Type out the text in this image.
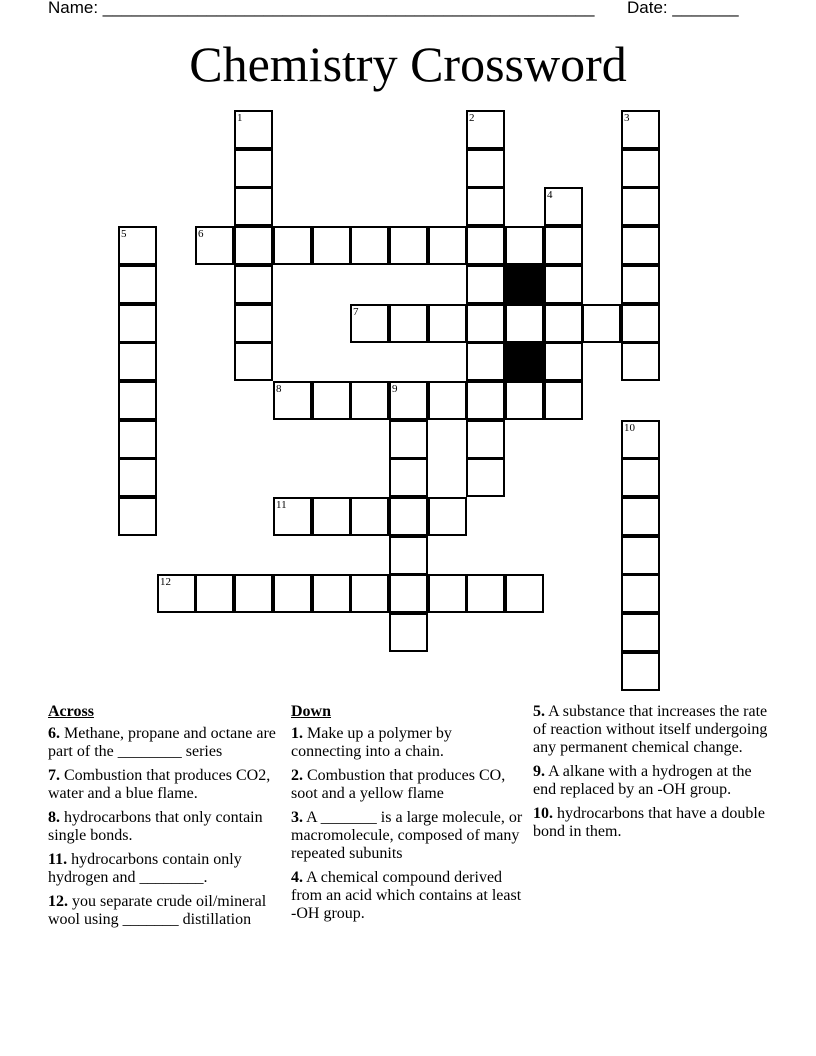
Name: ____________________________________________________ Date: _______
Chemistry Crossword
1	2	3
4
5	6
7
8	9
11
12
10
Across
6. Methane, propane and octane are part of the ________ series
7. Combustion that produces CO2, water and a blue flame.
8. hydrocarbons that only contain single bonds.
11. hydrocarbons contain only hydrogen and ________.
12. you separate crude oil/mineral wool using _______ distillation
Down
1. Make up a polymer by connecting into a chain.
2. Combustion that produces CO, soot and a yellow flame
3. A _______ is a large molecule, or macromolecule, composed of many repeated subunits
4. A chemical compound derived from an acid which contains at least -OH group.
5. A substance that increases the rate of reaction without itself undergoing any permanent chemical change.
9. A alkane with a hydrogen at the end replaced by an -OH group.
10. hydrocarbons that have a double bond in them.
